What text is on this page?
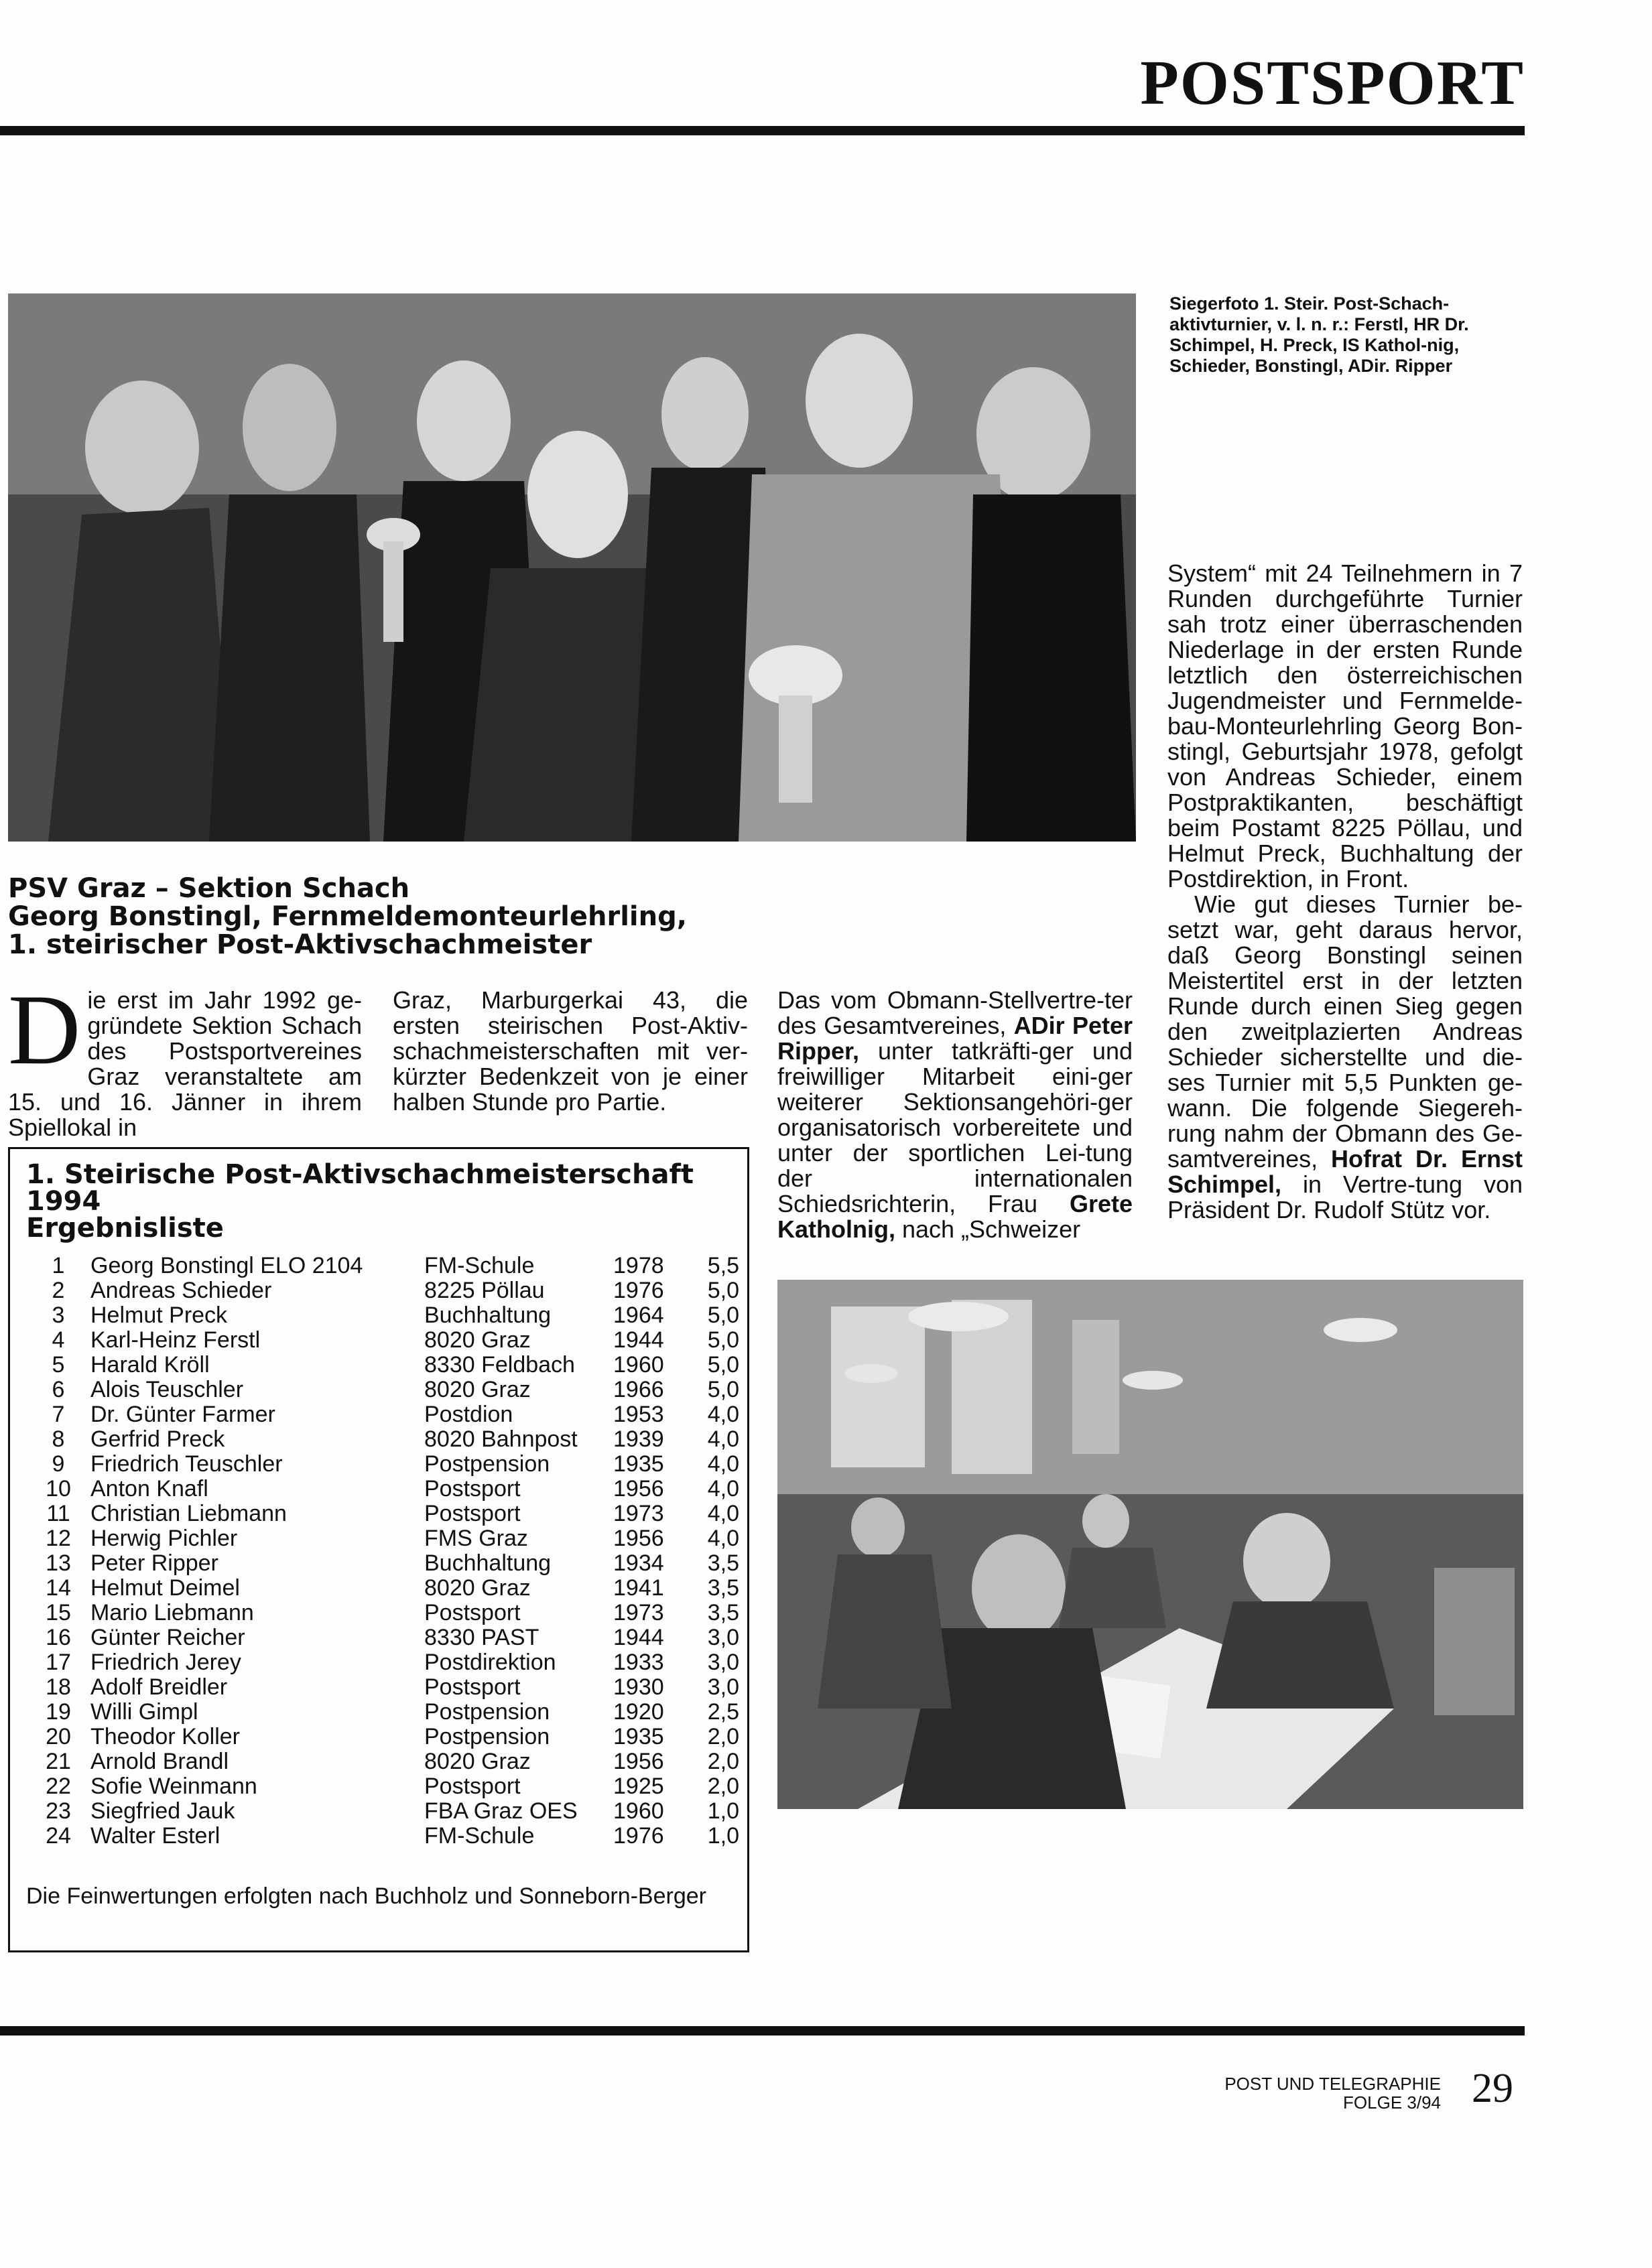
POSTSPORT
Siegerfoto 1. Steir. Post-Schach-aktivturnier, v. l. n. r.: Ferstl, HR Dr. Schimpel, H. Preck, IS Kathol-nig, Schieder, Bonstingl, ADir. Ripper
PSV Graz – Sektion Schach
Georg Bonstingl, Fernmeldemonteurlehrling,
1. steirischer Post-Aktivschachmeister
D ie erst im Jahr 1992 ge-gründete Sektion Schach des Postsportvereines Graz veranstaltete am 15. und 16. Jänner in ihrem Spiellokal in
Graz, Marburgerkai 43, die ersten steirischen Post-Aktiv-schachmeisterschaften mit ver-kürzter Bedenkzeit von je einer halben Stunde pro Partie.
Das vom Obmann-Stellvertre-ter des Gesamtvereines, ADir Peter Ripper, unter tatkräfti-ger und freiwilliger Mitarbeit eini-ger weiterer Sektionsangehöri-ger organisatorisch vorbereitete und unter der sportlichen Lei-tung der internationalen Schiedsrichterin, Frau Grete Katholnig, nach „Schweizer
System“ mit 24 Teilnehmern in 7 Runden durchgeführte Turnier sah trotz einer überraschenden Niederlage in der ersten Runde letztlich den österreichischen Jugendmeister und Fernmelde-bau-Monteurlehrling Georg Bon-stingl, Geburtsjahr 1978, gefolgt von Andreas Schieder, einem Postpraktikanten, beschäftigt beim Postamt 8225 Pöllau, und Helmut Preck, Buchhaltung der Postdirektion, in Front.
Wie gut dieses Turnier be-setzt war, geht daraus hervor, daß Georg Bonstingl seinen Meistertitel erst in der letzten Runde durch einen Sieg gegen den zweitplazierten Andreas Schieder sicherstellte und die-ses Turnier mit 5,5 Punkten ge-wann. Die folgende Siegereh-rung nahm der Obmann des Ge-samtvereines, Hofrat Dr. Ernst Schimpel, in Vertre-tung von Präsident Dr. Rudolf Stütz vor.
1. Steirische Post-Aktivschachmeisterschaft
1994
Ergebnisliste
1	Georg Bonstingl ELO 2104	FM-Schule	1978	5,5
2	Andreas Schieder	8225 Pöllau	1976	5,0
3	Helmut Preck	Buchhaltung	1964	5,0
4	Karl-Heinz Ferstl	8020 Graz	1944	5,0
5	Harald Kröll	8330 Feldbach	1960	5,0
6	Alois Teuschler	8020 Graz	1966	5,0
7	Dr. Günter Farmer	Postdion	1953	4,0
8	Gerfrid Preck	8020 Bahnpost	1939	4,0
9	Friedrich Teuschler	Postpension	1935	4,0
10	Anton Knafl	Postsport	1956	4,0
11	Christian Liebmann	Postsport	1973	4,0
12	Herwig Pichler	FMS Graz	1956	4,0
13	Peter Ripper	Buchhaltung	1934	3,5
14	Helmut Deimel	8020 Graz	1941	3,5
15	Mario Liebmann	Postsport	1973	3,5
16	Günter Reicher	8330 PAST	1944	3,0
17	Friedrich Jerey	Postdirektion	1933	3,0
18	Adolf Breidler	Postsport	1930	3,0
19	Willi Gimpl	Postpension	1920	2,5
20	Theodor Koller	Postpension	1935	2,0
21	Arnold Brandl	8020 Graz	1956	2,0
22	Sofie Weinmann	Postsport	1925	2,0
23	Siegfried Jauk	FBA Graz OES	1960	1,0
24	Walter Esterl	FM-Schule	1976	1,0
Die Feinwertungen erfolgten nach Buchholz und Sonneborn-Berger
POST UND TELEGRAPHIE
FOLGE 3/94 29
